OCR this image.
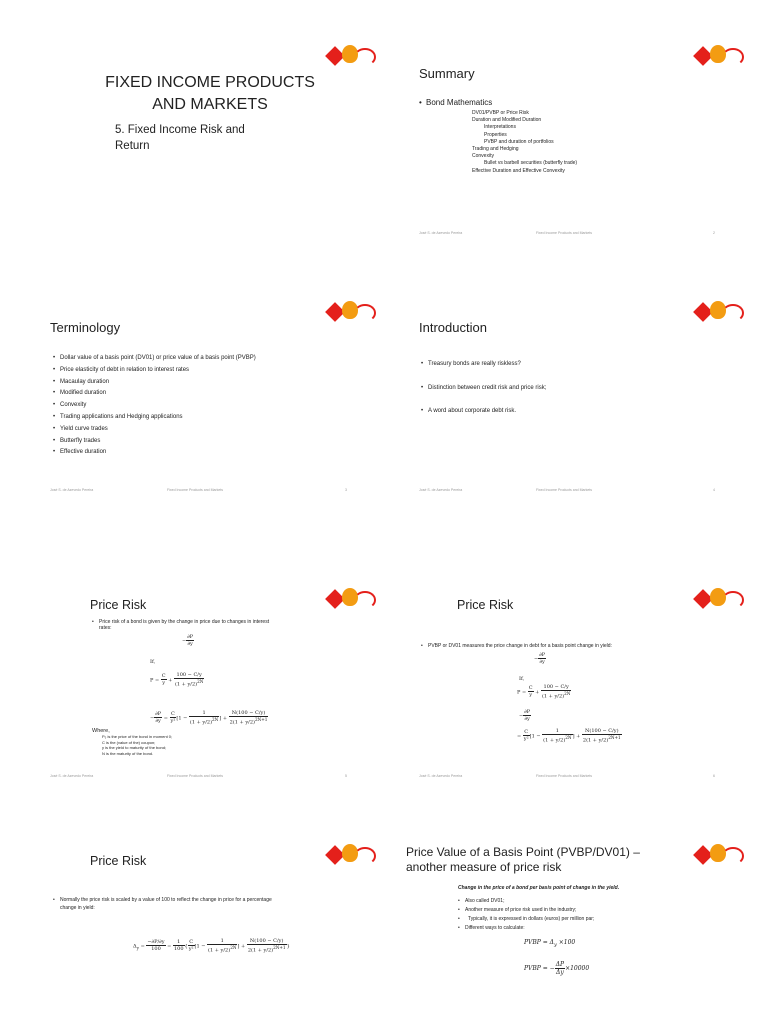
FIXED INCOME PRODUCTS
AND MARKETS
5. Fixed Income Risk and
Return
Summary
• Bond Mathematics
DV01/PVBP or Price Risk
Duration and Modified Duration
Interpretations
Properties
PVBP and duration of portfolios
Trading and Hedging
Convexity
Bullet vs barbell securities (butterfly trade)
Effective Duration and Effective Convexity
José S. de Azevedo Pereira	Fixed Income Products and Markets	2
Terminology
• Dollar value of a basis point (DV01) or price value of a basis point (PVBP)
• Price elasticity of debt in relation to interest rates
• Macaulay duration
• Modified duration
• Convexity
• Trading applications and Hedging applications
• Yield curve trades
• Butterfly trades
• Effective duration
José S. de Azevedo Pereira	Fixed Income Products and Markets	3
Introduction
• Treasury bonds are really riskless?
• Distinction between credit risk and price risk;
• A word about corporate debt risk.
José S. de Azevedo Pereira	Fixed Income Products and Markets	4
Price Risk
• Price risk of a bond is given by the change in price due to changes in interest
rates:
− $\frac{\partial P}{\partial y}$
If,
$P = \frac{C}{y} + \frac{100 - C/y}{(1 + y/2)^{2N}}$
− $\frac{\partial P}{\partial y} = \frac{C}{\text{y²}} [1 - \frac{1}{(1 + y/2)^{2N}}$ ] + $\frac{N(100 - C/y)}{2(1 + y/2)^{2N+1}}$
Where,
P₀ is the price of the bond in moment 0;
C is the (value of the) coupon;
y is the yield to maturity of the bond;
N is the maturity of the bond.
José S. de Azevedo Pereira	Fixed Income Products and Markets	5
Price Risk
• PVBP or DV01 measures the price change in debt for a basis point change in yield:
− $\frac{\partial P}{\partial y}$
If,
$P = \frac{C}{y} + \frac{100 - C/y}{(1 + y/2)^{2N}}$
− $\frac{\partial P}{\partial y}$
= $\frac{C}{\text{y²}} [1 - \frac{1}{(1 + y/2)^{2N}}$ ] + $\frac{N(100 - C/y)}{2(1 + y/2)^{2N+1}}$
José S. de Azevedo Pereira	Fixed Income Products and Markets	6
Price Risk
• Normally the price risk is scaled by a value of 100 to reflect the change in price for a percentage
change in yield:
$\Delta_y = \frac{-\partial P/\partial y}{100} = \frac{1}{100}$ { $\frac{C}{\text{y²}} [1 - \frac{1}{(1 + y/2)^{2N}}$ ] + $\frac{N(100 - C/y)}{2(1 + y/2)^{2N+1}}$ }
Price Value of a Basis Point (PVBP/DV01) –
another measure of price risk
Change in the price of a bond per basis point of change in the yield.
• Also called DV01;
• Another measure of price risk used in the industry;
• Typically, it is expressed in dollars (euros) per million par;
• Different ways to calculate:
PVBP = $\Delta_y \times 100$
PVBP = − $\frac{\Delta P}{\Delta y} \times 10000$
